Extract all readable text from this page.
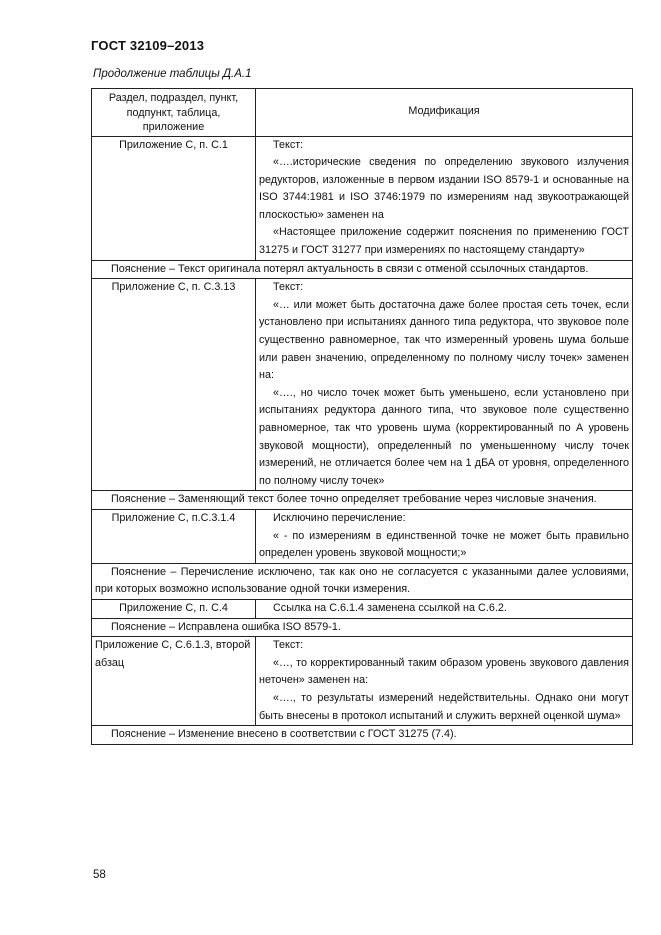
ГОСТ 32109–2013
Продолжение таблицы Д.А.1
Раздел, подраздел, пункт, подпункт, таблица, приложение	Модификация
Приложение С, п. С.1	Текст:

«….исторические сведения по определению звукового излучения редукторов, изложенные в первом издании ISO 8579-1 и основанные на ISO 3744:1981 и ISO 3746:1979 по измерениям над звукоотражающей плоскостью» заменен на

«Настоящее приложение содержит пояснения по применению ГОСТ 31275 и ГОСТ 31277 при измерениях по настоящему стандарту»

Пояснение – Текст оригинала потерял актуальность в связи с отменой ссылочных стандартов.	
Приложение С, п. С.3.13	Текст:

«… или может быть достаточна даже более простая сеть точек, если установлено при испытаниях данного типа редуктора, что звуковое поле существенно равномерное, так что измеренный уровень шума больше или равен значению, определенному по полному числу точек» заменен на:

«…., но число точек может быть уменьшено, если установлено при испытаниях редуктора данного типа, что звуковое поле существенно равномерное, так что уровень шума (корректированный по А уровень звуковой мощности), определенный по уменьшенному числу точек измерений, не отличается более чем на 1 дБА от уровня, определенного по полному числу точек»

Пояснение – Заменяющий текст более точно определяет требование через числовые значения.	
Приложение С, п.С.3.1.4	Исключино перечисление:

« - по измерениям в единственной точке не может быть правильно определен уровень звуковой мощности;»

Пояснение – Перечисление исключено, так как оно не согласуется с указанными далее условиями, при которых возможно использование одной точки измерения.	
Приложение С, п. С.4	Ссылка на С.6.1.4 заменена ссылкой на С.6.2.

Пояснение – Исправлена ошибка ISO 8579-1.	
Приложение С, С.6.1.3, второй абзац	Текст:

«…, то корректированный таким образом уровень звукового давления неточен» заменен на:

«…., то результаты измерений недействительны. Однако они могут быть внесены в протокол испытаний и служить верхней оценкой шума»

Пояснение – Изменение внесено в соответствии с ГОСТ 31275 (7.4).	
58
